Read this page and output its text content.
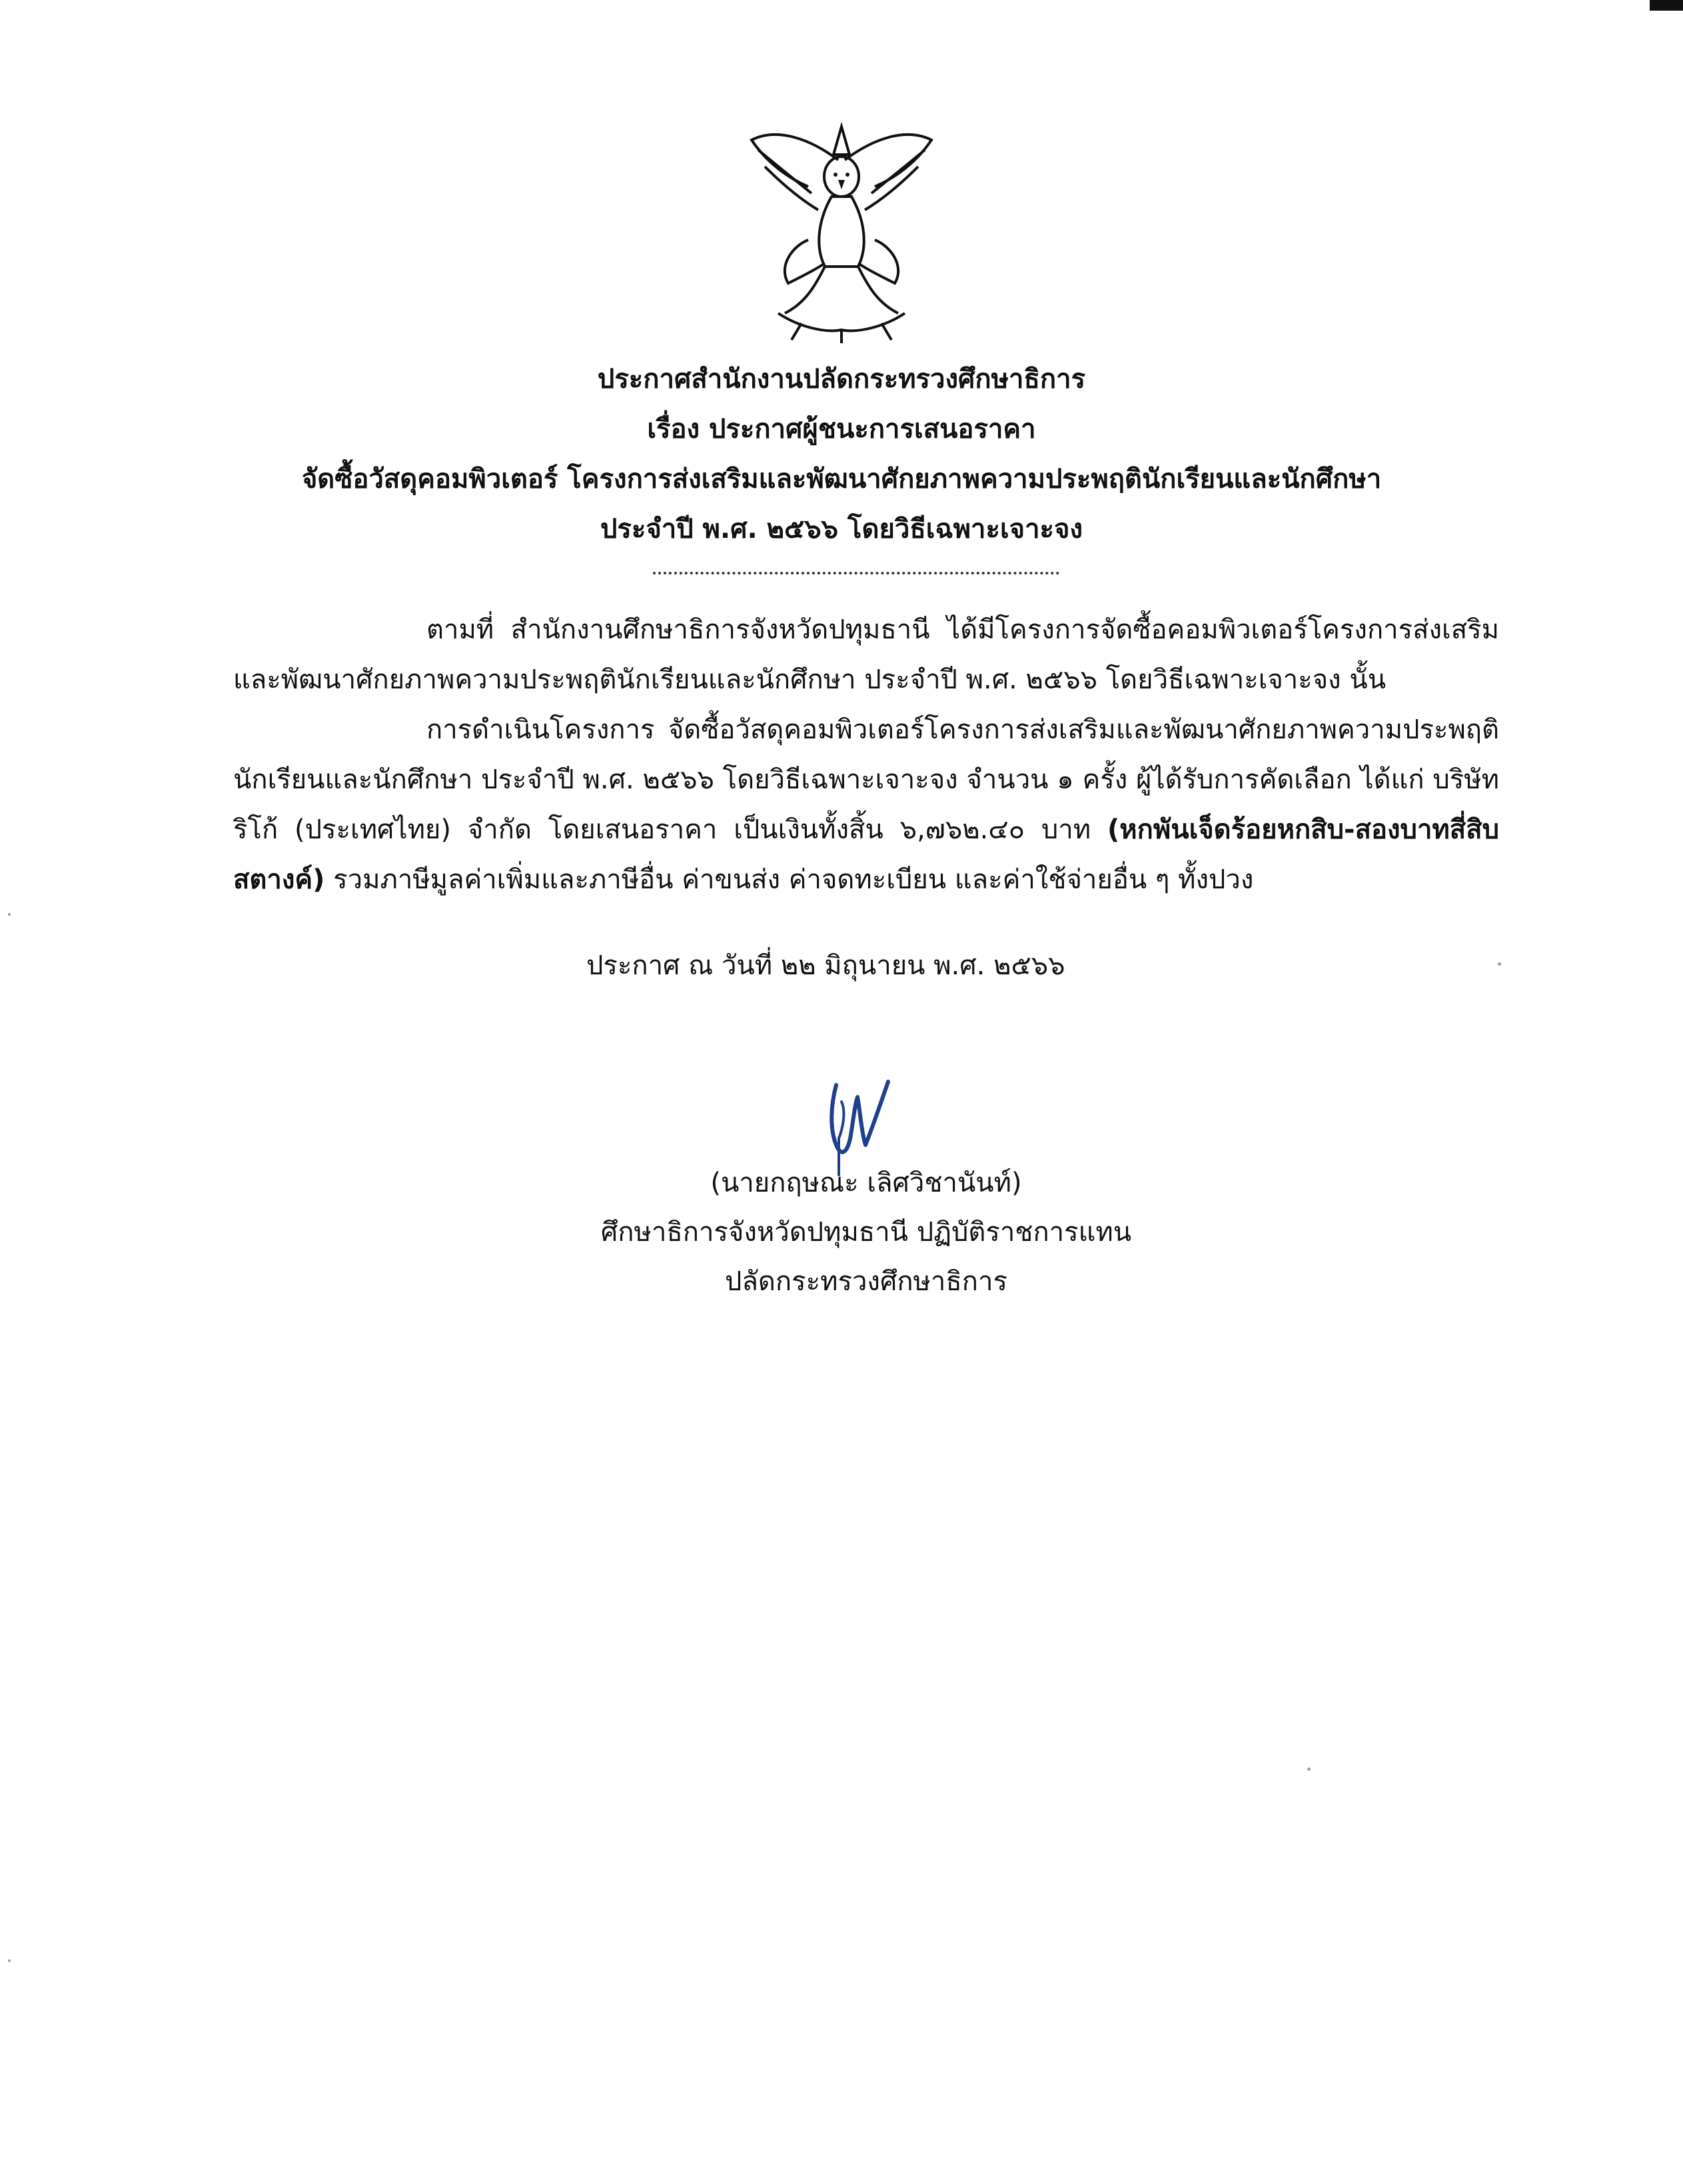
ประกาศสำนักงานปลัดกระทรวงศึกษาธิการ
เรื่อง ประกาศผู้ชนะการเสนอราคา
จัดซื้อวัสดุคอมพิวเตอร์ โครงการส่งเสริมและพัฒนาศักยภาพความประพฤตินักเรียนและนักศึกษา
ประจำปี พ.ศ. ๒๕๖๖ โดยวิธีเฉพาะเจาะจง
ตามที่ สำนักงานศึกษาธิการจังหวัดปทุมธานี ได้มีโครงการจัดซื้อคอมพิวเตอร์โครงการส่งเสริมและพัฒนาศักยภาพความประพฤตินักเรียนและนักศึกษา ประจำปี พ.ศ. ๒๕๖๖ โดยวิธีเฉพาะเจาะจง นั้น
การดำเนินโครงการ จัดซื้อวัสดุคอมพิวเตอร์โครงการส่งเสริมและพัฒนาศักยภาพความประพฤตินักเรียนและนักศึกษา ประจำปี พ.ศ. ๒๕๖๖ โดยวิธีเฉพาะเจาะจง จำนวน ๑ ครั้ง ผู้ได้รับการคัดเลือก ได้แก่ บริษัท ริโก้ (ประเทศไทย) จำกัด โดยเสนอราคา เป็นเงินทั้งสิ้น ๖,๗๖๒.๔๐ บาท (หกพันเจ็ดร้อยหกสิบ-สองบาทสี่สิบสตางค์) รวมภาษีมูลค่าเพิ่มและภาษีอื่น ค่าขนส่ง ค่าจดทะเบียน และค่าใช้จ่ายอื่น ๆ ทั้งปวง
ประกาศ ณ วันที่ ๒๒ มิถุนายน พ.ศ. ๒๕๖๖
(นายกฤษณะ เลิศวิชานันท์)
ศึกษาธิการจังหวัดปทุมธานี ปฏิบัติราชการแทน
ปลัดกระทรวงศึกษาธิการ
